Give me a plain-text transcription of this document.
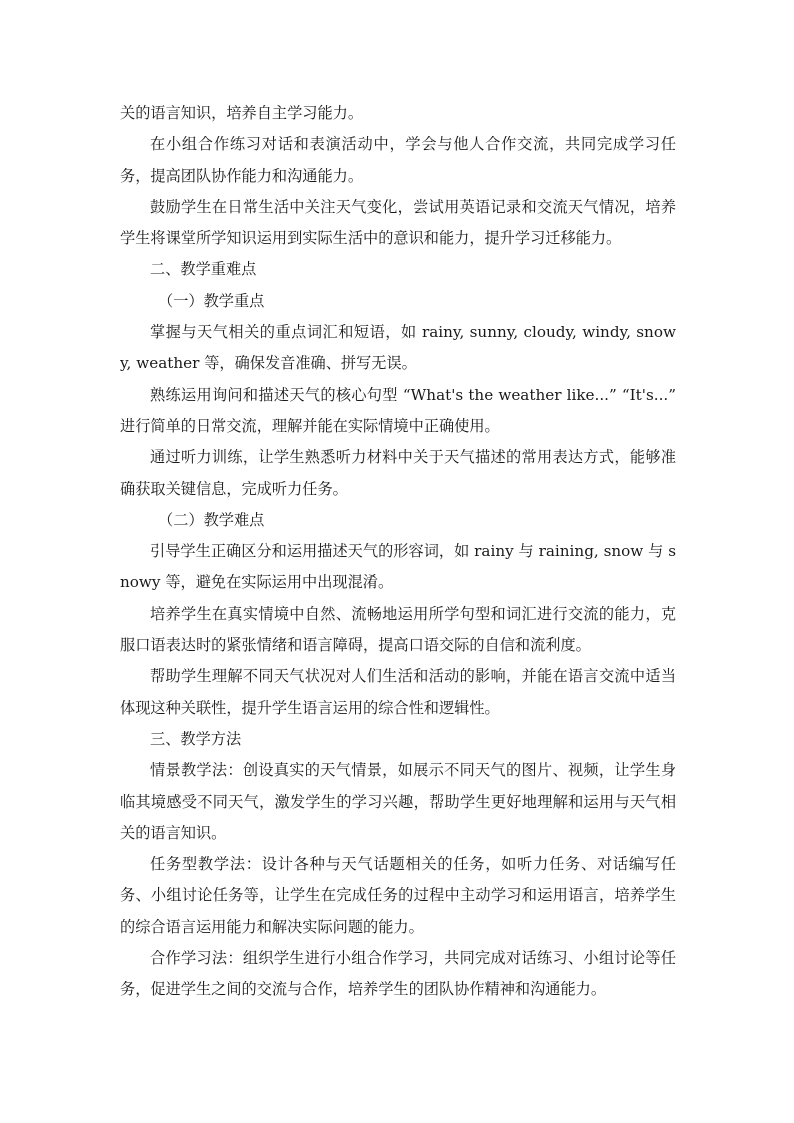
关的语言知识，培养自主学习能力。

在小组合作练习对话和表演活动中，学会与他人合作交流，共同完成学习任务，提高团队协作能力和沟通能力。

鼓励学生在日常生活中关注天气变化，尝试用英语记录和交流天气情况，培养学生将课堂所学知识运用到实际生活中的意识和能力，提升学习迁移能力。

二、教学重难点

（一）教学重点

掌握与天气相关的重点词汇和短语，如 rainy, sunny, cloudy, windy, snowy, weather 等，确保发音准确、拼写无误。

熟练运用询问和描述天气的核心句型 “What's the weather like...” “It's...” 进行简单的日常交流，理解并能在实际情境中正确使用。

通过听力训练，让学生熟悉听力材料中关于天气描述的常用表达方式，能够准确获取关键信息，完成听力任务。

（二）教学难点

引导学生正确区分和运用描述天气的形容词，如 rainy 与 raining, snow 与 snowy 等，避免在实际运用中出现混淆。

培养学生在真实情境中自然、流畅地运用所学句型和词汇进行交流的能力，克服口语表达时的紧张情绪和语言障碍，提高口语交际的自信和流利度。

帮助学生理解不同天气状况对人们生活和活动的影响，并能在语言交流中适当体现这种关联性，提升学生语言运用的综合性和逻辑性。

三、教学方法

情景教学法：创设真实的天气情景，如展示不同天气的图片、视频，让学生身临其境感受不同天气，激发学生的学习兴趣，帮助学生更好地理解和运用与天气相关的语言知识。

任务型教学法：设计各种与天气话题相关的任务，如听力任务、对话编写任务、小组讨论任务等，让学生在完成任务的过程中主动学习和运用语言，培养学生的综合语言运用能力和解决实际问题的能力。

合作学习法：组织学生进行小组合作学习，共同完成对话练习、小组讨论等任务，促进学生之间的交流与合作，培养学生的团队协作精神和沟通能力。
